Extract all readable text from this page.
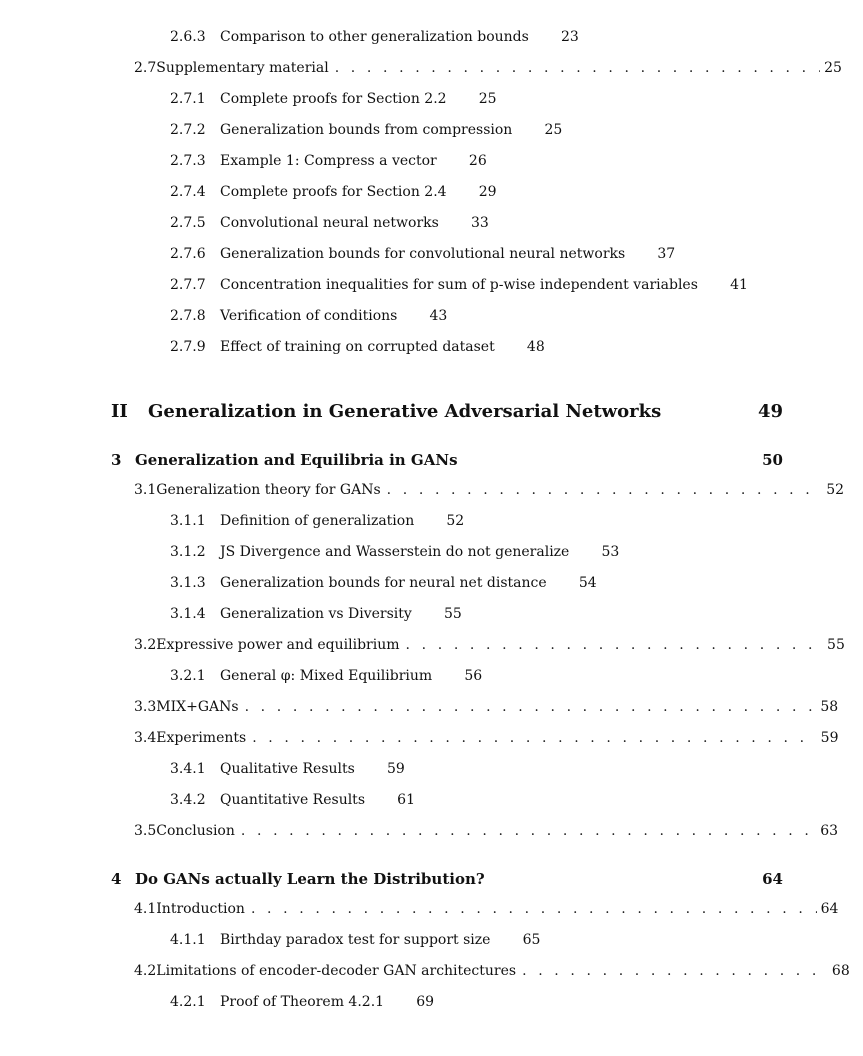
2.6.3	Comparison to other generalization bounds	23
2.7 Supplementary material . . .	25
2.7.1	Complete proofs for Section 2.2	25
2.7.2	Generalization bounds from compression	25
2.7.3	Example 1: Compress a vector	26
2.7.4	Complete proofs for Section 2.4	29
2.7.5	Convolutional neural networks	33
2.7.6	Generalization bounds for convolutional neural networks	37
2.7.7	Concentration inequalities for sum of p-wise independent variables	41
2.7.8	Verification of conditions	43
2.7.9	Effect of training on corrupted dataset	48
II	Generalization in Generative Adversarial Networks	49
3 Generalization and Equilibria in GANs	50
3.1 Generalization theory for GANs . . .	52
3.1.1	Definition of generalization	52
3.1.2	JS Divergence and Wasserstein do not generalize	53
3.1.3	Generalization bounds for neural net distance	54
3.1.4	Generalization vs Diversity	55
3.2 Expressive power and equilibrium . . .	55
3.2.1	General φ: Mixed Equilibrium	56
3.3 MIX+GANs . . .	58
3.4 Experiments . . .	59
3.4.1	Qualitative Results	59
3.4.2	Quantitative Results	61
3.5 Conclusion . . .	63
4 Do GANs actually Learn the Distribution?	64
4.1 Introduction . . .	64
4.1.1	Birthday paradox test for support size	65
4.2 Limitations of encoder-decoder GAN architectures . . .	68
4.2.1	Proof of Theorem 4.2.1	69
